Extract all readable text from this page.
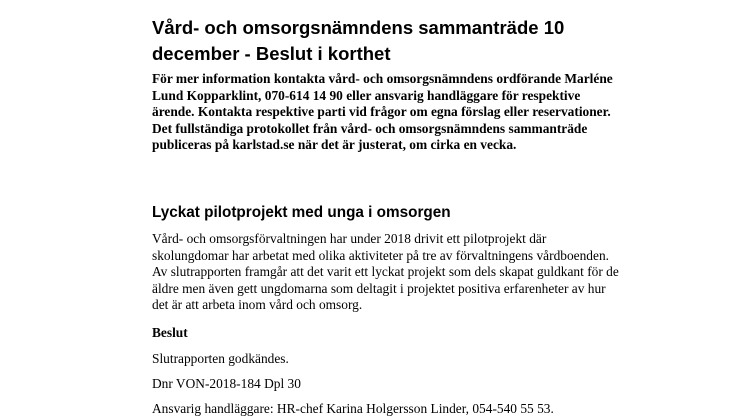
Vård- och omsorgsnämndens sammanträde 10 december - Beslut i korthet

För mer information kontakta vård- och omsorgsnämndens ordförande Marléne Lund Kopparklint, 070-614 14 90 eller ansvarig handläggare för respektive ärende. Kontakta respektive parti vid frågor om egna förslag eller reservationer. Det fullständiga protokollet från vård- och omsorgsnämndens sammanträde publiceras på karlstad.se när det är justerat, om cirka en vecka.

Lyckat pilotprojekt med unga i omsorgen

Vård- och omsorgsförvaltningen har under 2018 drivit ett pilotprojekt där skolungdomar har arbetat med olika aktiviteter på tre av förvaltningens vårdboenden. Av slutrapporten framgår att det varit ett lyckat projekt som dels skapat guldkant för de äldre men även gett ungdomarna som deltagit i projektet positiva erfarenheter av hur det är att arbeta inom vård och omsorg.

Beslut

Slutrapporten godkändes.

Dnr VON-2018-184 Dpl 30

Ansvarig handläggare: HR-chef Karina Holgersson Linder, 054-540 55 53.
